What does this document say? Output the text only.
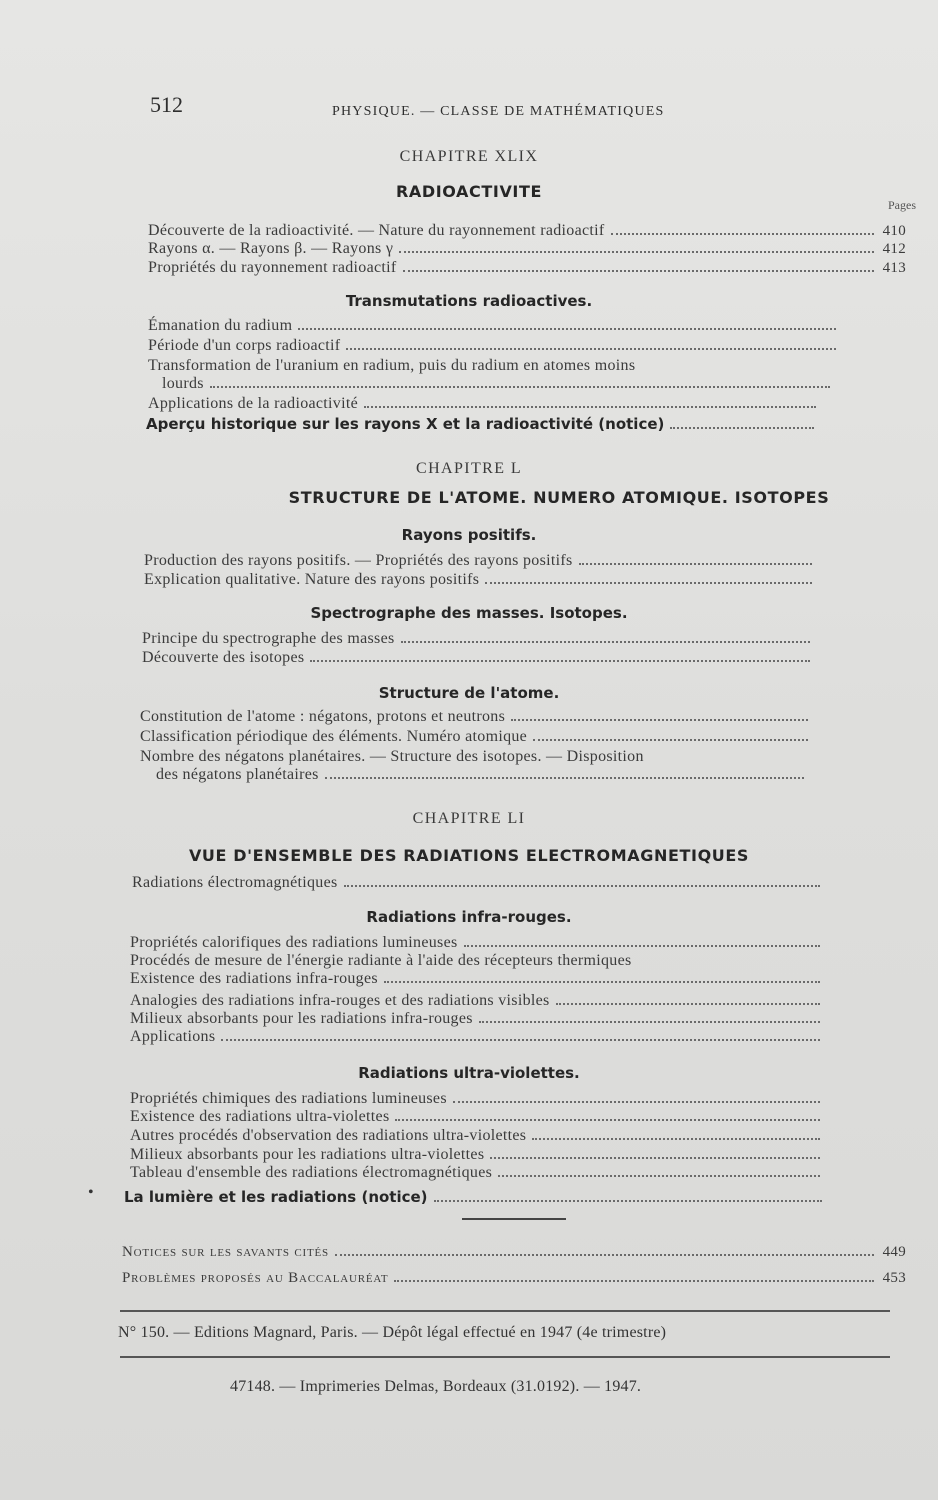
512	PHYSIQUE. — CLASSE DE MATHÉMATIQUES
Pages
CHAPITRE XLIX
RADIOACTIVITE
Découverte de la radioactivité. — Nature du rayonnement radioactif	410
Rayons α. — Rayons β. — Rayons γ	412
Propriétés du rayonnement radioactif	413
Transmutations radioactives.
Émanation du radium
Période d'un corps radioactif
Transformation de l'uranium en radium, puis du radium en atomes moins
lourds
Applications de la radioactivité
Aperçu historique sur les rayons X et la radioactivité (notice)
CHAPITRE L
STRUCTURE DE L'ATOME. NUMERO ATOMIQUE. ISOTOPES
Rayons positifs.
Production des rayons positifs. — Propriétés des rayons positifs
Explication qualitative. Nature des rayons positifs
Spectrographe des masses. Isotopes.
Principe du spectrographe des masses
Découverte des isotopes
Structure de l'atome.
Constitution de l'atome : négatons, protons et neutrons
Classification périodique des éléments. Numéro atomique
Nombre des négatons planétaires. — Structure des isotopes. — Disposition
des négatons planétaires
CHAPITRE LI
VUE D'ENSEMBLE DES RADIATIONS ELECTROMAGNETIQUES
Radiations électromagnétiques
Radiations infra-rouges.
Propriétés calorifiques des radiations lumineuses
Procédés de mesure de l'énergie radiante à l'aide des récepteurs thermiques
Existence des radiations infra-rouges
Analogies des radiations infra-rouges et des radiations visibles
Milieux absorbants pour les radiations infra-rouges
Applications
Radiations ultra-violettes.
Propriétés chimiques des radiations lumineuses
Existence des radiations ultra-violettes
Autres procédés d'observation des radiations ultra-violettes
Milieux absorbants pour les radiations ultra-violettes
Tableau d'ensemble des radiations électromagnétiques
• La lumière et les radiations (notice)
Notices sur les savants cités	449
Problèmes proposés au Baccalauréat	453
N° 150. — Editions Magnard, Paris. — Dépôt légal effectué en 1947 (4e trimestre)
47148. — Imprimeries Delmas, Bordeaux (31.0192). — 1947.
